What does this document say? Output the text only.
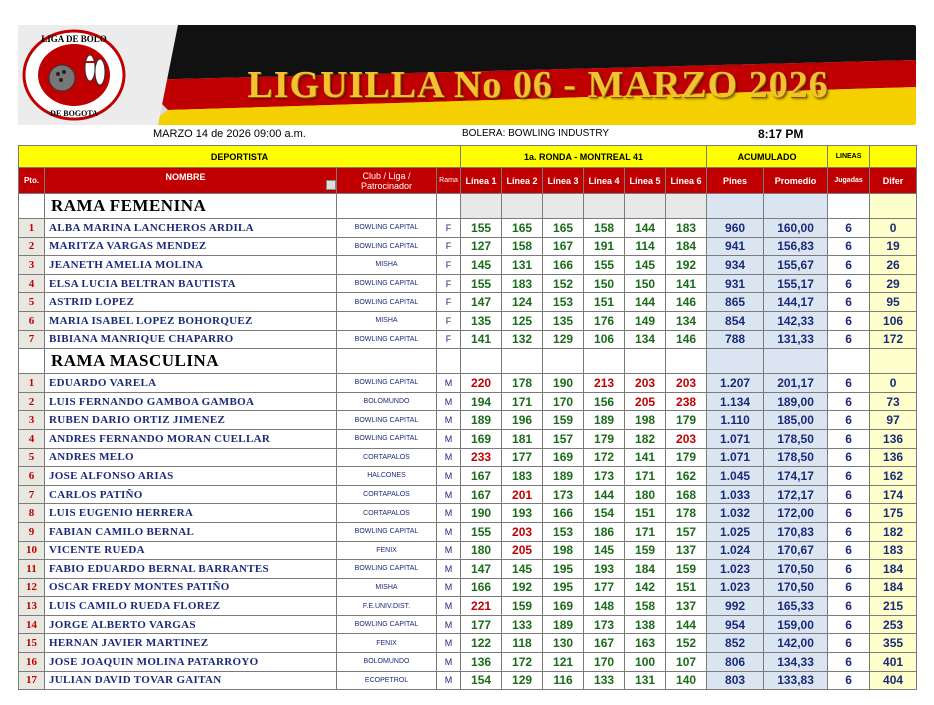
LIGUILLA No 06 - MARZO 2026
LIGA DE BOLO
DE BOGOTA
MARZO 14 de 2026 09:00 a.m.	BOLERA: BOWLING INDUSTRY	8:17 PM
DEPORTISTA				1a. RONDA - MONTREAL 41						ACUMULADO		LINEAS	
Pto.	NOMBRE	Club / Liga / Patrocinador	Rama	Línea 1	Línea 2	Línea 3	Línea 4	Línea 5	Línea 6	Pines	Promedio	Jugadas	Difer
	RAMA FEMENINA												
1	ALBA MARINA LANCHEROS ARDILA	BOWLING CAPITAL	F	155	165	165	158	144	183	960	160,00	6	0
2	MARITZA VARGAS MENDEZ	BOWLING CAPITAL	F	127	158	167	191	114	184	941	156,83	6	19
3	JEANETH AMELIA MOLINA	MISHA	F	145	131	166	155	145	192	934	155,67	6	26
4	ELSA LUCIA BELTRAN BAUTISTA	BOWLING CAPITAL	F	155	183	152	150	150	141	931	155,17	6	29
5	ASTRID LOPEZ	BOWLING CAPITAL	F	147	124	153	151	144	146	865	144,17	6	95
6	MARIA ISABEL LOPEZ BOHORQUEZ	MISHA	F	135	125	135	176	149	134	854	142,33	6	106
7	BIBIANA MANRIQUE CHAPARRO	BOWLING CAPITAL	F	141	132	129	106	134	146	788	131,33	6	172
	RAMA MASCULINA												
1	EDUARDO VARELA	BOWLING CAPITAL	M	220	178	190	213	203	203	1.207	201,17	6	0
2	LUIS FERNANDO GAMBOA GAMBOA	BOLOMUNDO	M	194	171	170	156	205	238	1.134	189,00	6	73
3	RUBEN DARIO ORTIZ JIMENEZ	BOWLING CAPITAL	M	189	196	159	189	198	179	1.110	185,00	6	97
4	ANDRES FERNANDO MORAN CUELLAR	BOWLING CAPITAL	M	169	181	157	179	182	203	1.071	178,50	6	136
5	ANDRES MELO	CORTAPALOS	M	233	177	169	172	141	179	1.071	178,50	6	136
6	JOSE ALFONSO ARIAS	HALCONES	M	167	183	189	173	171	162	1.045	174,17	6	162
7	CARLOS PATIÑO	CORTAPALOS	M	167	201	173	144	180	168	1.033	172,17	6	174
8	LUIS EUGENIO HERRERA	CORTAPALOS	M	190	193	166	154	151	178	1.032	172,00	6	175
9	FABIAN CAMILO BERNAL	BOWLING CAPITAL	M	155	203	153	186	171	157	1.025	170,83	6	182
10	VICENTE RUEDA	FENIX	M	180	205	198	145	159	137	1.024	170,67	6	183
11	FABIO EDUARDO BERNAL BARRANTES	BOWLING CAPITAL	M	147	145	195	193	184	159	1.023	170,50	6	184
12	OSCAR FREDY MONTES PATIÑO	MISHA	M	166	192	195	177	142	151	1.023	170,50	6	184
13	LUIS CAMILO RUEDA FLOREZ	F.E.UNIV.DIST.	M	221	159	169	148	158	137	992	165,33	6	215
14	JORGE ALBERTO VARGAS	BOWLING CAPITAL	M	177	133	189	173	138	144	954	159,00	6	253
15	HERNAN JAVIER MARTINEZ	FENIX	M	122	118	130	167	163	152	852	142,00	6	355
16	JOSE JOAQUIN MOLINA PATARROYO	BOLOMUNDO	M	136	172	121	170	100	107	806	134,33	6	401
17	JULIAN DAVID TOVAR GAITAN	ECOPETROL	M	154	129	116	133	131	140	803	133,83	6	404
